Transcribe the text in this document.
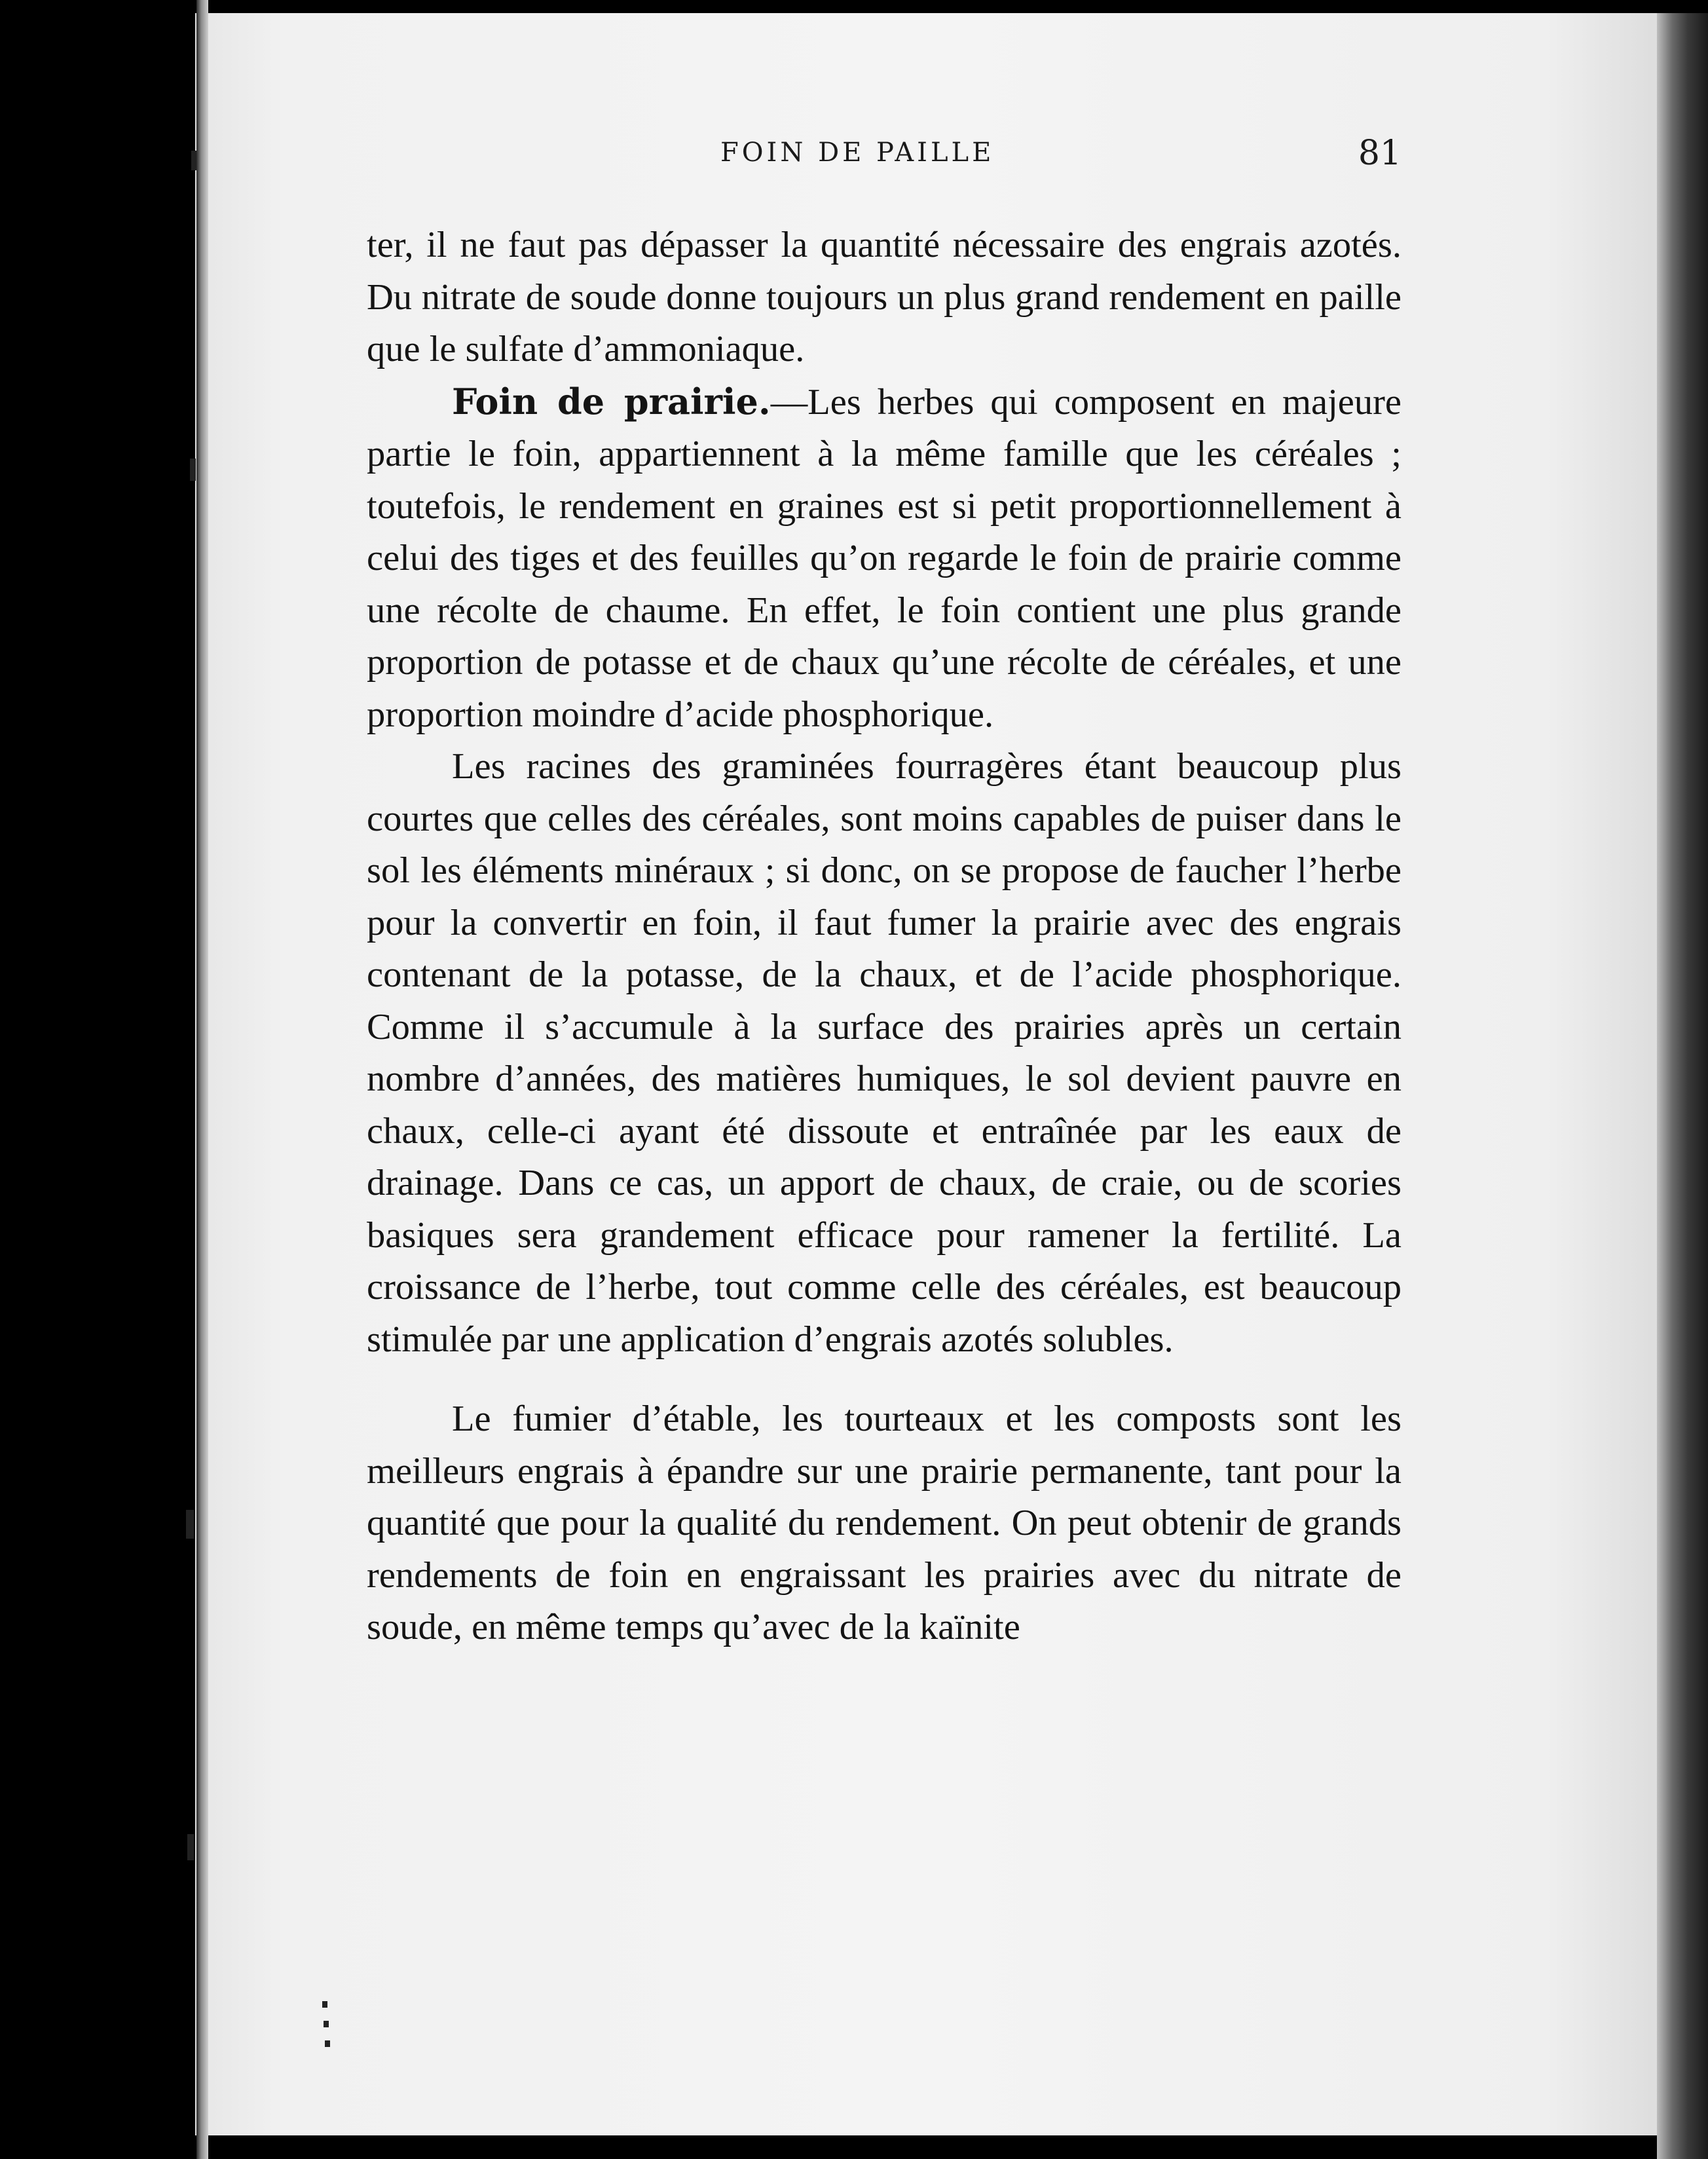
FOIN DE PAILLE	81

ter, il ne faut pas dépasser la quantité nécessaire des engrais azotés. Du nitrate de soude donne toujours un plus grand rendement en paille que le sulfate d’ammoniaque.

Foin de prairie.—Les herbes qui composent en majeure partie le foin, appartiennent à la même famille que les céréales ; toutefois, le rendement en graines est si petit proportionnellement à celui des tiges et des feuilles qu’on regarde le foin de prairie comme une récolte de chaume. En effet, le foin contient une plus grande proportion de potasse et de chaux qu’une récolte de céréales, et une proportion moindre d’acide phosphorique.

Les racines des graminées fourragères étant beaucoup plus courtes que celles des céréales, sont moins capables de puiser dans le sol les éléments minéraux ; si donc, on se propose de faucher l’herbe pour la convertir en foin, il faut fumer la prairie avec des engrais contenant de la potasse, de la chaux, et de l’acide phosphorique. Comme il s’accumule à la surface des prairies après un certain nombre d’années, des matières humiques, le sol devient pauvre en chaux, celle-ci ayant été dissoute et entraînée par les eaux de drainage. Dans ce cas, un apport de chaux, de craie, ou de scories basiques sera grandement efficace pour ramener la fertilité. La croissance de l’herbe, tout comme celle des céréales, est beaucoup stimulée par une application d’engrais azotés solubles.

Le fumier d’étable, les tourteaux et les composts sont les meilleurs engrais à épandre sur une prairie permanente, tant pour la quantité que pour la qualité du rendement. On peut obtenir de grands rendements de foin en engraissant les prairies avec du nitrate de soude, en même temps qu’avec de la kaïnite
